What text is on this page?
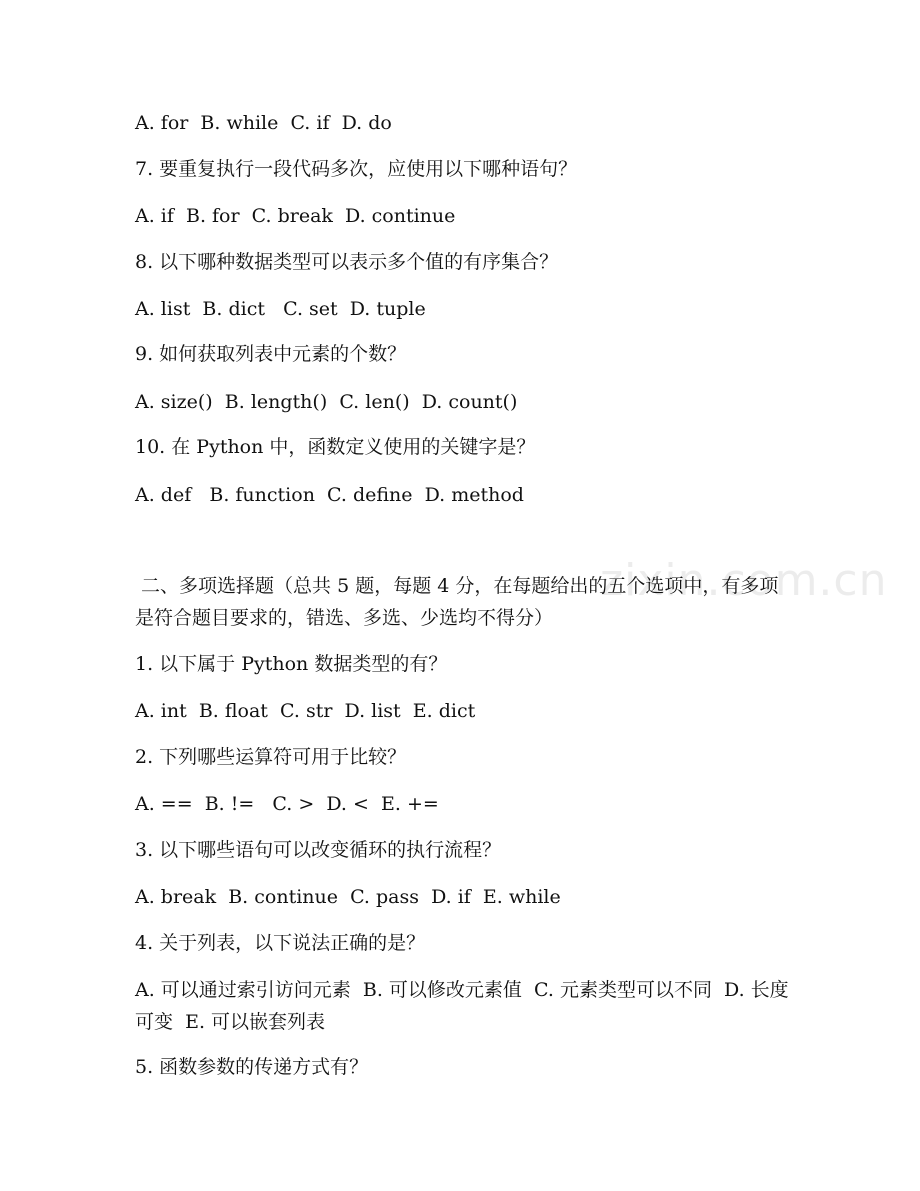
zixin.com.cn
A. for  B. while  C. if  D. do
7. 要重复执行一段代码多次，应使用以下哪种语句？
A. if  B. for  C. break  D. continue
8. 以下哪种数据类型可以表示多个值的有序集合？
A. list  B. dict   C. set  D. tuple
9. 如何获取列表中元素的个数？
A. size()  B. length()  C. len()  D. count()
10. 在 Python 中，函数定义使用的关键字是？
A. def   B. function  C. define  D. method
二、多项选择题（总共 5 题，每题 4 分，在每题给出的五个选项中，有多项是符合题目要求的，错选、多选、少选均不得分）
1. 以下属于 Python 数据类型的有？
A. int  B. float  C. str  D. list  E. dict
2. 下列哪些运算符可用于比较？
A. ==  B. !=   C. >  D. <  E. +=
3. 以下哪些语句可以改变循环的执行流程？
A. break  B. continue  C. pass  D. if  E. while
4. 关于列表，以下说法正确的是？
A. 可以通过索引访问元素  B. 可以修改元素值  C. 元素类型可以不同  D. 长度可变  E. 可以嵌套列表
5. 函数参数的传递方式有？
